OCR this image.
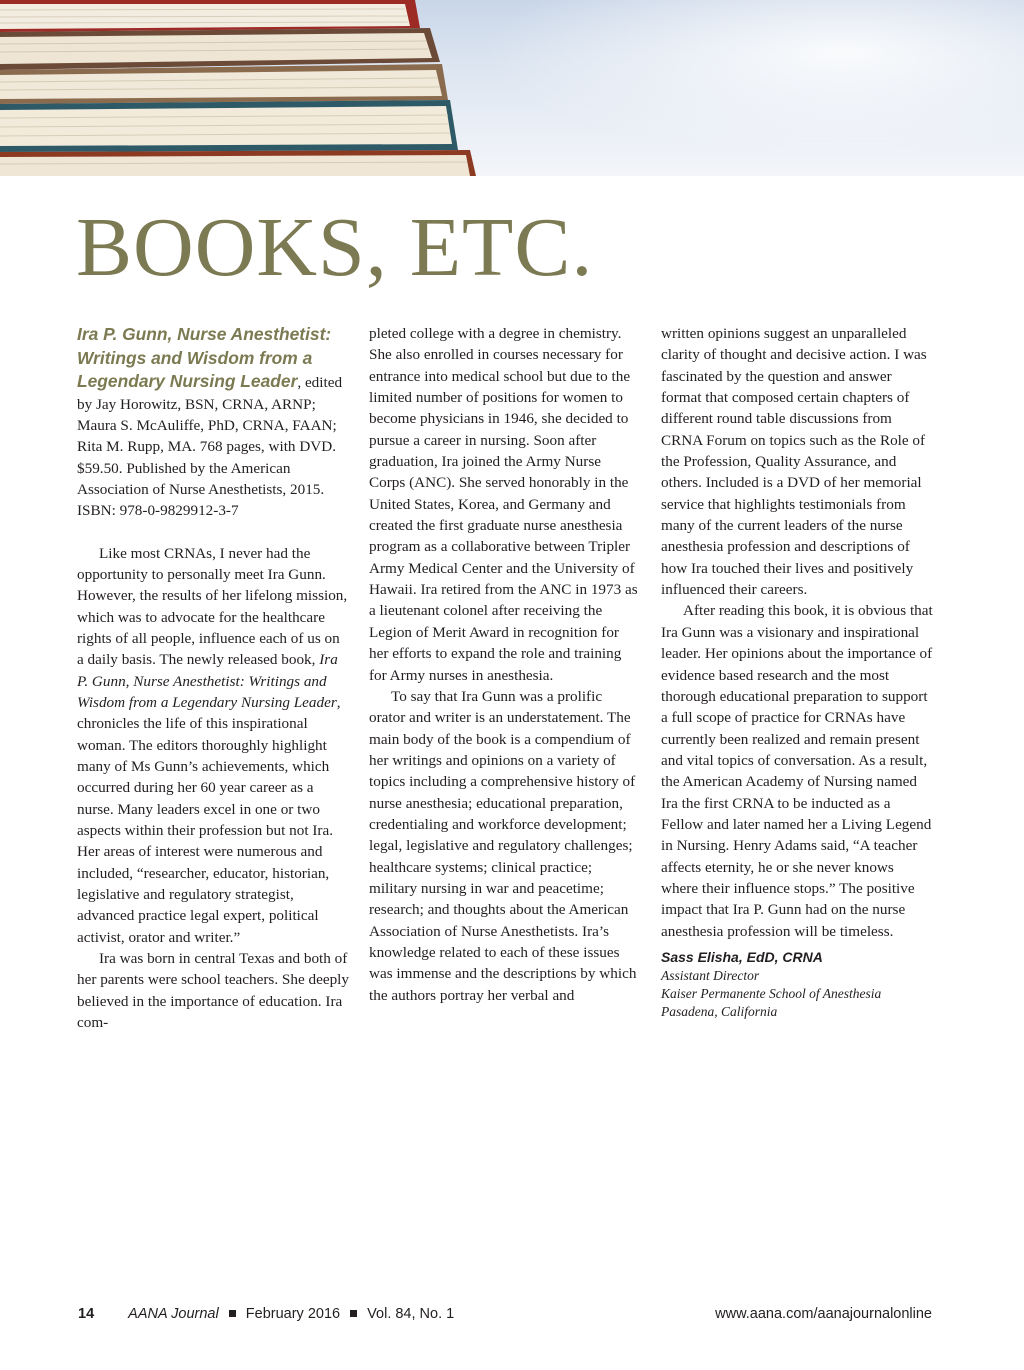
BOOKS, ETC.

Ira P. Gunn, Nurse Anesthetist: Writings and Wisdom from a Legendary Nursing Leader, edited by Jay Horowitz, BSN, CRNA, ARNP; Maura S. McAuliffe, PhD, CRNA, FAAN; Rita M. Rupp, MA. 768 pages, with DVD. $59.50. Published by the American Association of Nurse Anesthetists, 2015. ISBN: 978-0-9829912-3-7

Like most CRNAs, I never had the opportunity to personally meet Ira Gunn. However, the results of her lifelong mission, which was to advocate for the healthcare rights of all people, influence each of us on a daily basis. The newly released book, Ira P. Gunn, Nurse Anesthetist: Writings and Wisdom from a Legendary Nursing Leader, chronicles the life of this inspirational woman. The editors thoroughly highlight many of Ms Gunn’s achievements, which occurred during her 60 year career as a nurse. Many leaders excel in one or two aspects within their profession but not Ira. Her areas of interest were numerous and included, “researcher, educator, historian, legislative and regulatory strategist, advanced practice legal expert, political activist, orator and writer.”

Ira was born in central Texas and both of her parents were school teachers. She deeply believed in the importance of education. Ira com-

pleted college with a degree in chemistry. She also enrolled in courses necessary for entrance into medical school but due to the limited number of positions for women to become physicians in 1946, she decided to pursue a career in nursing. Soon after graduation, Ira joined the Army Nurse Corps (ANC). She served honorably in the United States, Korea, and Germany and created the first graduate nurse anesthesia program as a collaborative between Tripler Army Medical Center and the University of Hawaii. Ira retired from the ANC in 1973 as a lieutenant colonel after receiving the Legion of Merit Award in recognition for her efforts to expand the role and training for Army nurses in anesthesia.

To say that Ira Gunn was a prolific orator and writer is an understatement. The main body of the book is a compendium of her writings and opinions on a variety of topics including a comprehensive history of nurse anesthesia; educational preparation, credentialing and workforce development; legal, legislative and regulatory challenges; healthcare systems; clinical practice; military nursing in war and peacetime; research; and thoughts about the American Association of Nurse Anesthetists. Ira’s knowledge related to each of these issues was immense and the descriptions by which the authors portray her verbal and

written opinions suggest an unparalleled clarity of thought and decisive action. I was fascinated by the question and answer format that composed certain chapters of different round table discussions from CRNA Forum on topics such as the Role of the Profession, Quality Assurance, and others. Included is a DVD of her memorial service that highlights testimonials from many of the current leaders of the nurse anesthesia profession and descriptions of how Ira touched their lives and positively influenced their careers.

After reading this book, it is obvious that Ira Gunn was a visionary and inspirational leader. Her opinions about the importance of evidence based research and the most thorough educational preparation to support a full scope of practice for CRNAs have currently been realized and remain present and vital topics of conversation. As a result, the American Academy of Nursing named Ira the first CRNA to be inducted as a Fellow and later named her a Living Legend in Nursing. Henry Adams said, “A teacher affects eternity, he or she never knows where their influence stops.” The positive impact that Ira P. Gunn had on the nurse anesthesia profession will be timeless.

Sass Elisha, EdD, CRNA

Assistant Director

Kaiser Permanente School of Anesthesia

Pasadena, California

14 AANA Journal February 2016 Vol. 84, No. 1	www.aana.com/aanajournalonline
